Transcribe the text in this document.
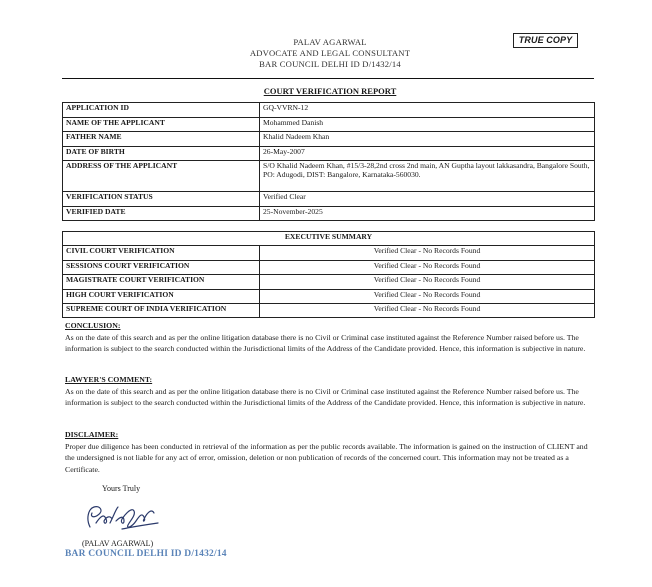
TRUE COPY
PALAV AGARWAL
ADVOCATE AND LEGAL CONSULTANT
BAR COUNCIL DELHI ID D/1432/14
COURT VERIFICATION REPORT
APPLICATION ID	GQ-VVRN-12
NAME OF THE APPLICANT	Mohammed Danish
FATHER NAME	Khalid Nadeem Khan
DATE OF BIRTH	26-May-2007
ADDRESS OF THE APPLICANT	S/O Khalid Nadeem Khan, #15/3-28,2nd cross 2nd main, AN Guptha layout lakkasandra, Bangalore South, PO: Adugodi, DIST: Bangalore, Karnataka-560030.
VERIFICATION STATUS	Verified Clear
VERIFIED DATE	25-November-2025
EXECUTIVE SUMMARY	
CIVIL COURT VERIFICATION	Verified Clear - No Records Found
SESSIONS COURT VERIFICATION	Verified Clear - No Records Found
MAGISTRATE COURT VERIFICATION	Verified Clear - No Records Found
HIGH COURT VERIFICATION	Verified Clear - No Records Found
SUPREME COURT OF INDIA VERIFICATION	Verified Clear - No Records Found
CONCLUSION:
As on the date of this search and as per the online litigation database there is no Civil or Criminal case instituted against the Reference Number raised before us. The information is subject to the search conducted within the Jurisdictional limits of the Address of the Candidate provided. Hence, this information is subjective in nature.
LAWYER'S COMMENT:
As on the date of this search and as per the online litigation database there is no Civil or Criminal case instituted against the Reference Number raised before us. The information is subject to the search conducted within the Jurisdictional limits of the Address of the Candidate provided. Hence, this information is subjective in nature.
DISCLAIMER:
Proper due diligence has been conducted in retrieval of the information as per the public records available. The information is gained on the instruction of CLIENT and the undersigned is not liable for any act of error, omission, deletion or non publication of records of the concerned court. This information may not be treated as a Certificate.
Yours Truly
(PALAV AGARWAL)
BAR COUNCIL DELHI ID D/1432/14
